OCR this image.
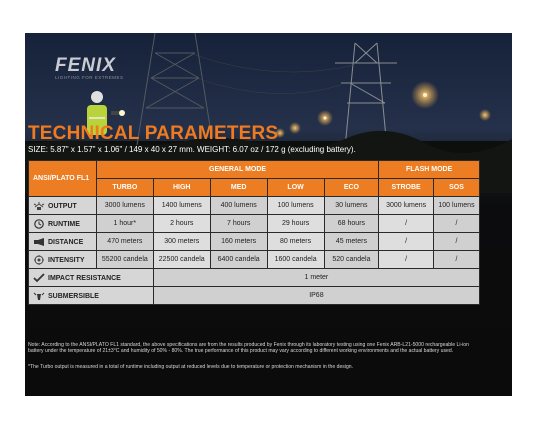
FENIX
LIGHTING FOR EXTREMES
TECHNICAL PARAMETERS
SIZE: 5.87" x 1.57" x 1.06" / 149 x 40 x 27 mm. WEIGHT: 6.07 oz / 172 g (excluding battery).
ANSI/PLATO FL1	GENERAL MODE					FLASH MODE	
	TURBO	HIGH	MED	LOW	ECO	STROBE	SOS
OUTPUT	3000 lumens	1400 lumens	400 lumens	100 lumens	30 lumens	3000 lumens	100 lumens
RUNTIME	1 hour*	2 hours	7 hours	29 hours	68 hours	/	/
DISTANCE	470 meters	300 meters	160 meters	80 meters	45 meters	/	/
INTENSITY	55200 candela	22500 candela	6400 candela	1600 candela	520 candela	/	/
IMPACT RESISTANCE		1 meter					
SUBMERSIBLE		IP68					
Note: According to the ANSI/PLATO FL1 standard, the above specifications are from the results produced by Fenix through its laboratory testing using one Fenix ARB-L21-5000 rechargeable Li-ion battery under the temperature of 21±3°C and humidity of 50% - 80%. The true performance of this product may vary according to different working environments and the actual battery used.
*The Turbo output is measured in a total of runtime including output at reduced levels due to temperature or protection mechanism in the design.
